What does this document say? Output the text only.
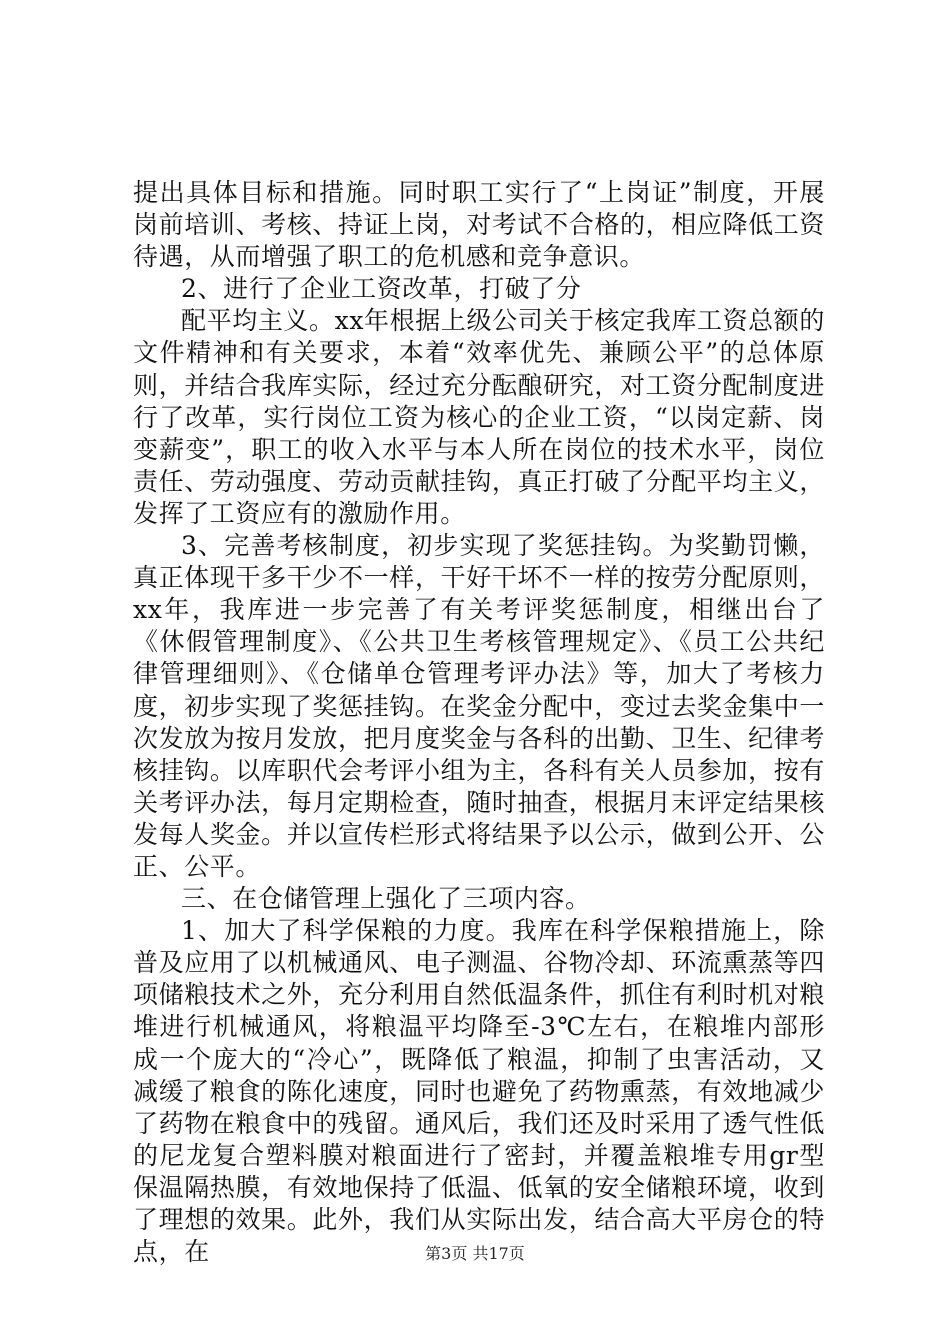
提出具体目标和措施。同时职工实行了“上岗证”制度，开展岗前培训、考核、持证上岗，对考试不合格的，相应降低工资待遇，从而增强了职工的危机感和竞争意识。

2、进行了企业工资改革，打破了分

配平均主义。xx年根据上级公司关于核定我库工资总额的文件精神和有关要求，本着“效率优先、兼顾公平”的总体原则，并结合我库实际，经过充分酝酿研究，对工资分配制度进行了改革，实行岗位工资为核心的企业工资，“以岗定薪、岗变薪变”，职工的收入水平与本人所在岗位的技术水平，岗位责任、劳动强度、劳动贡献挂钩，真正打破了分配平均主义，发挥了工资应有的激励作用。

3、完善考核制度，初步实现了奖惩挂钩。为奖勤罚懒，真正体现干多干少不一样，干好干坏不一样的按劳分配原则，xx年，我库进一步完善了有关考评奖惩制度，相继出台了《休假管理制度》、《公共卫生考核管理规定》、《员工公共纪律管理细则》、《仓储单仓管理考评办法》等，加大了考核力度，初步实现了奖惩挂钩。在奖金分配中，变过去奖金集中一次发放为按月发放，把月度奖金与各科的出勤、卫生、纪律考核挂钩。以库职代会考评小组为主，各科有关人员参加，按有关考评办法，每月定期检查，随时抽查，根据月末评定结果核发每人奖金。并以宣传栏形式将结果予以公示，做到公开、公正、公平。

三、在仓储管理上强化了三项内容。

1、加大了科学保粮的力度。我库在科学保粮措施上，除普及应用了以机械通风、电子测温、谷物冷却、环流熏蒸等四项储粮技术之外，充分利用自然低温条件，抓住有利时机对粮堆进行机械通风，将粮温平均降至-3℃左右，在粮堆内部形成一个庞大的“冷心”，既降低了粮温，抑制了虫害活动，又减缓了粮食的陈化速度，同时也避免了药物熏蒸，有效地减少了药物在粮食中的残留。通风后，我们还及时采用了透气性低的尼龙复合塑料膜对粮面进行了密封，并覆盖粮堆专用gr型保温隔热膜，有效地保持了低温、低氧的安全储粮环境，收到了理想的效果。此外，我们从实际出发，结合高大平房仓的特点，在	第3页 共17页
